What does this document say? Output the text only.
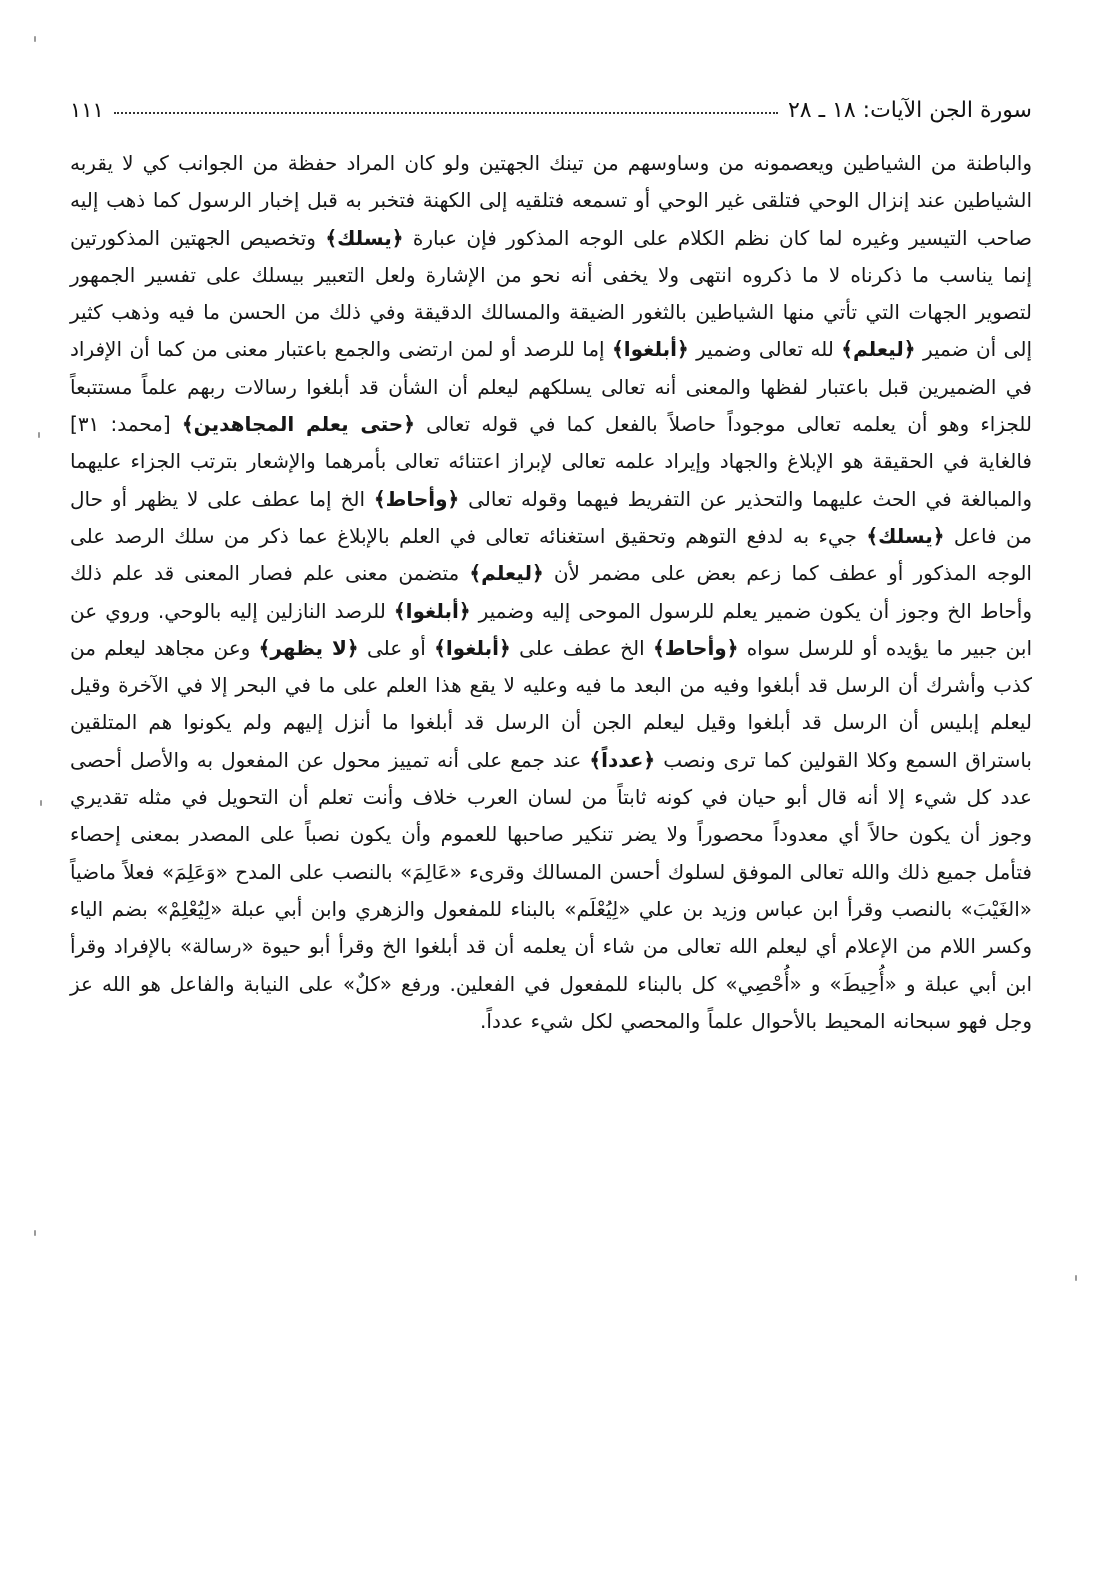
سورة الجن الآيات: ١٨ ـ ٢٨
١١١

والباطنة من الشياطين ويعصمونه من وساوسهم من تينك الجهتين ولو كان المراد حفظة من الجوانب كي لا يقربه الشياطين عند إنزال الوحي فتلقى غير الوحي أو تسمعه فتلقيه إلى الكهنة فتخبر به قبل إخبار الرسول كما ذهب إليه صاحب التيسير وغيره لما كان نظم الكلام على الوجه المذكور فإن عبارة ﴿يسلك﴾ وتخصيص الجهتين المذكورتين إنما يناسب ما ذكرناه لا ما ذكروه انتهى ولا يخفى أنه نحو من الإشارة ولعل التعبير بيسلك على تفسير الجمهور لتصوير الجهات التي تأتي منها الشياطين بالثغور الضيقة والمسالك الدقيقة وفي ذلك من الحسن ما فيه وذهب كثير إلى أن ضمير ﴿ليعلم﴾ لله تعالى وضمير ﴿أبلغوا﴾ إما للرصد أو لمن ارتضى والجمع باعتبار معنى من كما أن الإفراد في الضميرين قبل باعتبار لفظها والمعنى أنه تعالى يسلكهم ليعلم أن الشأن قد أبلغوا رسالات ربهم علماً مستتبعاً للجزاء وهو أن يعلمه تعالى موجوداً حاصلاً بالفعل كما في قوله تعالى ﴿حتى يعلم المجاهدين﴾ [محمد: ٣١] فالغاية في الحقيقة هو الإبلاغ والجهاد وإيراد علمه تعالى لإبراز اعتنائه تعالى بأمرهما والإشعار بترتب الجزاء عليهما والمبالغة في الحث عليهما والتحذير عن التفريط فيهما وقوله تعالى ﴿وأحاط﴾ الخ إما عطف على لا يظهر أو حال من فاعل ﴿يسلك﴾ جيء به لدفع التوهم وتحقيق استغنائه تعالى في العلم بالإبلاغ عما ذكر من سلك الرصد على الوجه المذكور أو عطف كما زعم بعض على مضمر لأن ﴿ليعلم﴾ متضمن معنى علم فصار المعنى قد علم ذلك وأحاط الخ وجوز أن يكون ضمير يعلم للرسول الموحى إليه وضمير ﴿أبلغوا﴾ للرصد النازلين إليه بالوحي. وروي عن ابن جبير ما يؤيده أو للرسل سواه ﴿وأحاط﴾ الخ عطف على ﴿أبلغوا﴾ أو على ﴿لا يظهر﴾ وعن مجاهد ليعلم من كذب وأشرك أن الرسل قد أبلغوا وفيه من البعد ما فيه وعليه لا يقع هذا العلم على ما في البحر إلا في الآخرة وقيل ليعلم إبليس أن الرسل قد أبلغوا وقيل ليعلم الجن أن الرسل قد أبلغوا ما أنزل إليهم ولم يكونوا هم المتلقين باستراق السمع وكلا القولين كما ترى ونصب ﴿عدداً﴾ عند جمع على أنه تمييز محول عن المفعول به والأصل أحصى عدد كل شيء إلا أنه قال أبو حيان في كونه ثابتاً من لسان العرب خلاف وأنت تعلم أن التحويل في مثله تقديري وجوز أن يكون حالاً أي معدوداً محصوراً ولا يضر تنكير صاحبها للعموم وأن يكون نصباً على المصدر بمعنى إحصاء فتأمل جميع ذلك والله تعالى الموفق لسلوك أحسن المسالك وقرىء «عَالِمَ» بالنصب على المدح «وَعَلِمَ» فعلاً ماضياً «الغَيْبَ» بالنصب وقرأ ابن عباس وزيد بن علي «لِيُعْلَم» بالبناء للمفعول والزهري وابن أبي عبلة «لِيُعْلِمْ» بضم الياء وكسر اللام من الإعلام أي ليعلم الله تعالى من شاء أن يعلمه أن قد أبلغوا الخ وقرأ أبو حيوة «رسالة» بالإفراد وقرأ ابن أبي عبلة و «أُحِيطَ» و «أُحْصِي» كل بالبناء للمفعول في الفعلين. ورفع «كلٌ» على النيابة والفاعل هو الله عز وجل فهو سبحانه المحيط بالأحوال علماً والمحصي لكل شيء عدداً.
